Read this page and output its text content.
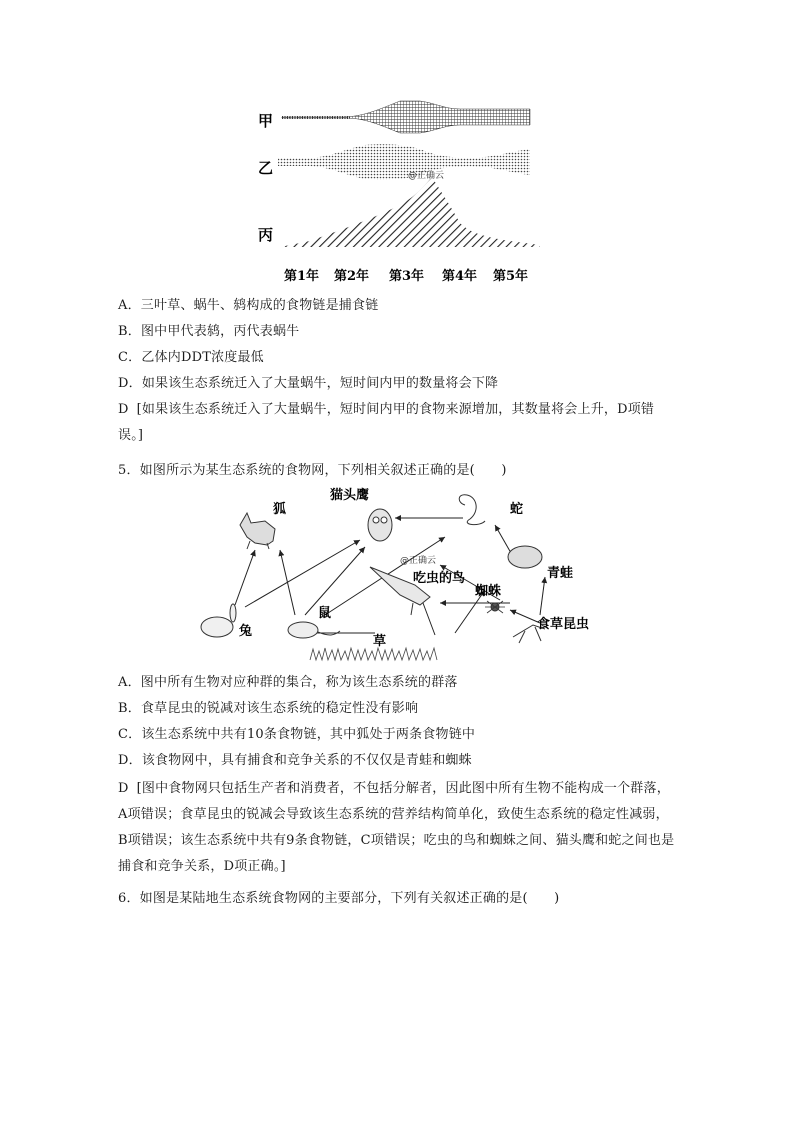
甲
乙
丙
@正确云
第1年 第2年 第3年 第4年 第5年
A．三叶草、蜗牛、鸫构成的食物链是捕食链
B．图中甲代表鸫，丙代表蜗牛
C．乙体内DDT浓度最低
D．如果该生态系统迁入了大量蜗牛，短时间内甲的数量将会下降
D [如果该生态系统迁入了大量蜗牛，短时间内甲的食物来源增加，其数量将会上升，D项错误。]
5．如图所示为某生态系统的食物网，下列相关叙述正确的是(　　)
猫头鹰
狐	蛇
青蛙
吃虫的鸟
蜘蛛
兔
鼠
草
食草昆虫
@正确云
A．图中所有生物对应种群的集合，称为该生态系统的群落
B．食草昆虫的锐减对该生态系统的稳定性没有影响
C．该生态系统中共有10条食物链，其中狐处于两条食物链中
D．该食物网中，具有捕食和竞争关系的不仅仅是青蛙和蜘蛛
D [图中食物网只包括生产者和消费者，不包括分解者，因此图中所有生物不能构成一个群落，A项错误；食草昆虫的锐减会导致该生态系统的营养结构简单化，致使生态系统的稳定性减弱，B项错误；该生态系统中共有9条食物链，C项错误；吃虫的鸟和蜘蛛之间、猫头鹰和蛇之间也是捕食和竞争关系，D项正确。]
6．如图是某陆地生态系统食物网的主要部分，下列有关叙述正确的是(　　)
